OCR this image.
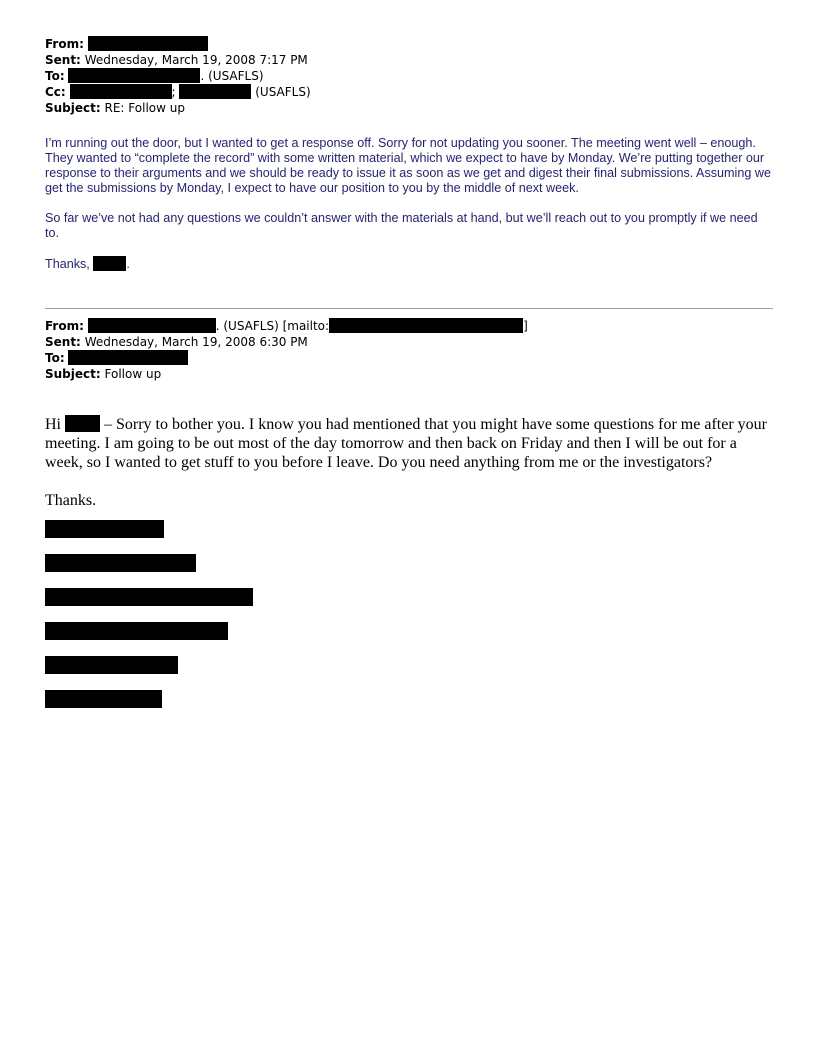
From:
Sent: Wednesday, March 19, 2008 7:17 PM
To:	. (USAFLS)
Cc:	;	(USAFLS)
Subject: RE: Follow up

I’m running out the door, but I wanted to get a response off. Sorry for not updating you sooner. The meeting went well – enough. They wanted to “complete the record” with some written material, which we expect to have by Monday. We’re putting together our response to their arguments and we should be ready to issue it as soon as we get and digest their final submissions. Assuming we get the submissions by Monday, I expect to have our position to you by the middle of next week.

So far we’ve not had any questions we couldn’t answer with the materials at hand, but we’ll reach out to you promptly if we need to.

Thanks,	.

From:	. (USAFLS) [mailto:	]
Sent: Wednesday, March 19, 2008 6:30 PM
To:
Subject: Follow up

Hi  – Sorry to bother you. I know you had mentioned that you might have some questions for me after your meeting. I am going to be out most of the day tomorrow and then back on Friday and then I will be out for a week, so I wanted to get stuff to you before I leave. Do you need anything from me or the investigators?

Thanks.
